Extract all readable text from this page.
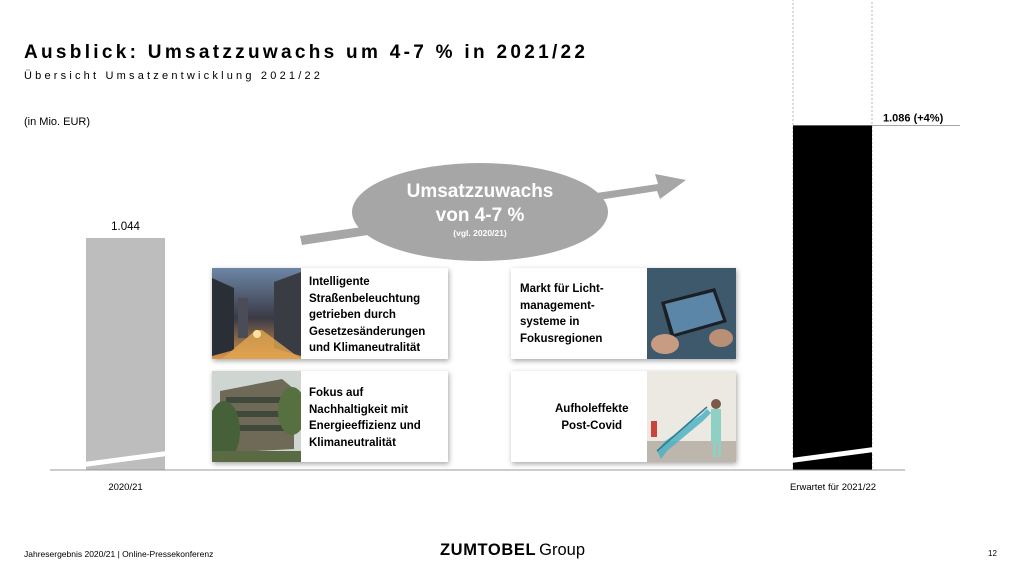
Ausblick: Umsatzzuwachs um 4-7 % in 2021/22
Übersicht Umsatzentwicklung 2021/22
(in Mio. EUR)
Umsatzzuwachs
von 4-7 %
(vgl. 2020/21)
1.044
1.086 (+4%)
2020/21	Erwartet für 2021/22
Intelligente
Straßenbeleuchtung
getrieben durch
Gesetzesänderungen
und Klimaneutralität
Fokus auf
Nachhaltigkeit mit
Energieeffizienz und
Klimaneutralität
Markt für Licht-
management-
systeme in
Fokusregionen
Aufholeffekte
Post-Covid
Jahresergebnis 2020/21 | Online-Pressekonferenz	ZUMTOBEL Group	12
